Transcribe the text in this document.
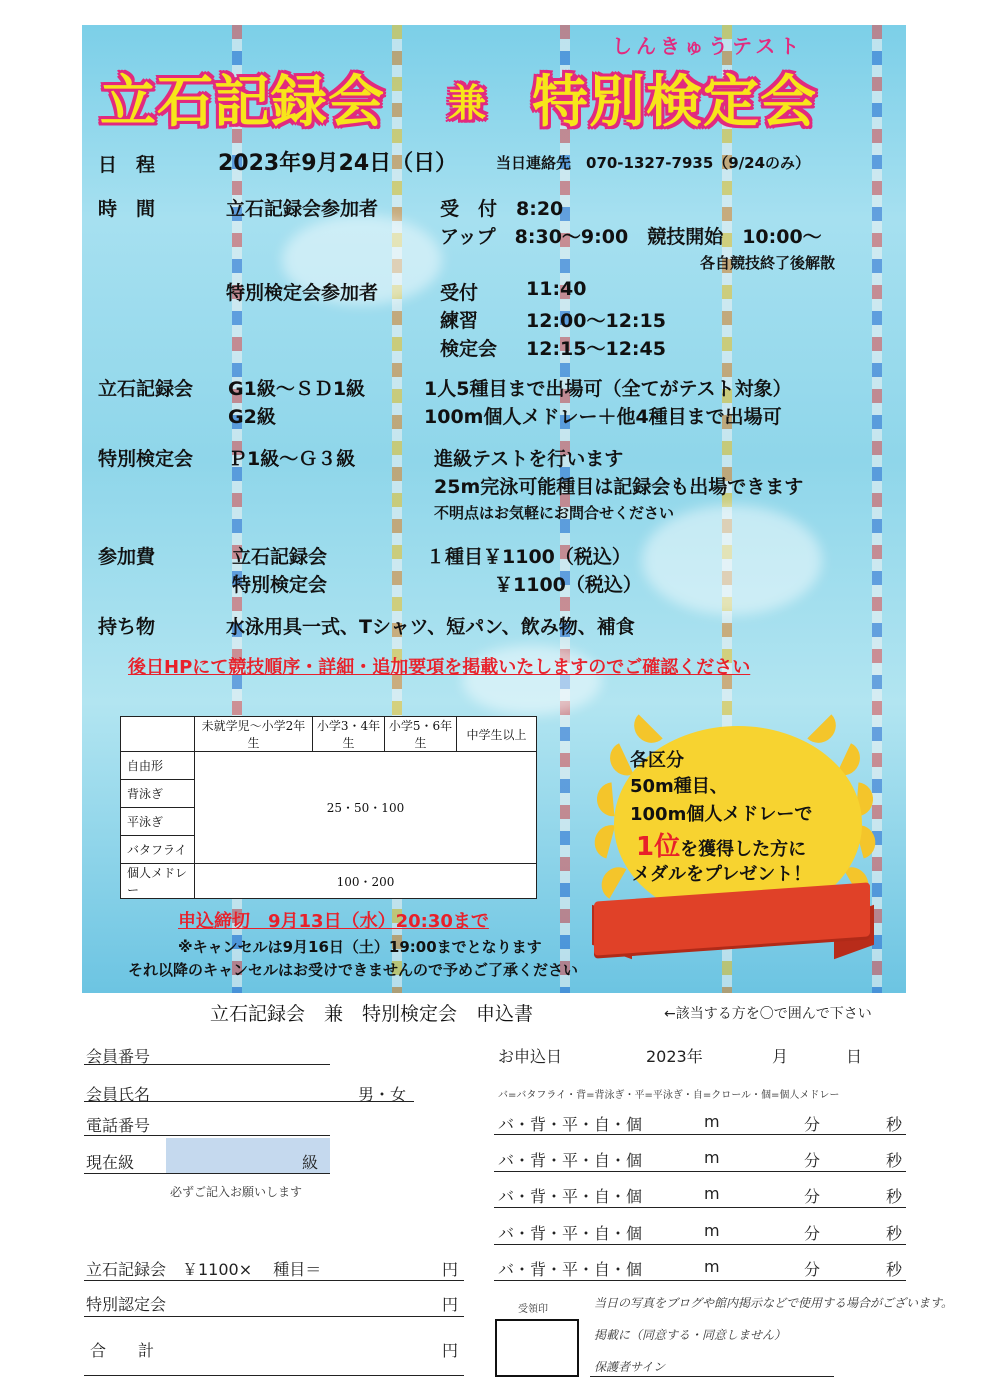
しんきゅうテスト
立石記録会 兼 特別検定会
日　程	2023年9月24日（日）	当日連絡先　070-1327-7935（9/24のみ）
時　間	立石記録会参加者	受　付　8:20
アップ　8:30～9:00　競技開始　10:00～
各自競技終了後解散
特別検定会参加者	受付	11:40
練習	12:00～12:15
検定会 12:15～12:45
立石記録会 G1級～ＳＤ1級	1人5種目まで出場可（全てがテスト対象）
G2級	100m個人メドレー＋他4種目まで出場可
特別検定会 Ｐ1級～Ｇ３級	進級テストを行います
25m完泳可能種目は記録会も出場できます
不明点はお気軽にお問合せください
参加費	立石記録会	１種目￥1100（税込）
特別検定会	￥1100（税込）
持ち物	水泳用具一式、Tシャツ、短パン、飲み物、補食
後日HPにて競技順序・詳細・追加要項を掲載いたしますのでご確認ください
	未就学児～小学2年生	小学3・4年生	小学5・6年生	中学生以上
自由形	25・50・100			
背泳ぎ				
平泳ぎ				
バタフライ				
個人メドレー	100・200			
各区分
50m種目、
100m個人メドレーで
1位を獲得した方に
メダルをプレゼント！
申込締切　9月13日（水）20:30まで
※キャンセルは9月16日（土）19:00までとなります
それ以降のキャンセルはお受けできませんので予めご了承ください
立石記録会　兼　特別検定会　申込書	←該当する方を〇で囲んで下さい
会員番号
会員氏名	男・女
電話番号
現在級	級
必ずご記入お願いします
お申込日	2023年	月	日
バ=バタフライ・背=背泳ぎ・平=平泳ぎ・自=クロール・個=個人メドレー
バ・背・平・自・個	m	分	秒
バ・背・平・自・個	m	分	秒
バ・背・平・自・個	m	分	秒
バ・背・平・自・個	m	分	秒
バ・背・平・自・個	m	分	秒
立石記録会　￥1100×　 種目＝	円
特別認定会	円
合　　計	円
受領印	当日の写真をブログや館内掲示などで使用する場合がございます。
掲載に（同意する・同意しません）
保護者サイン
